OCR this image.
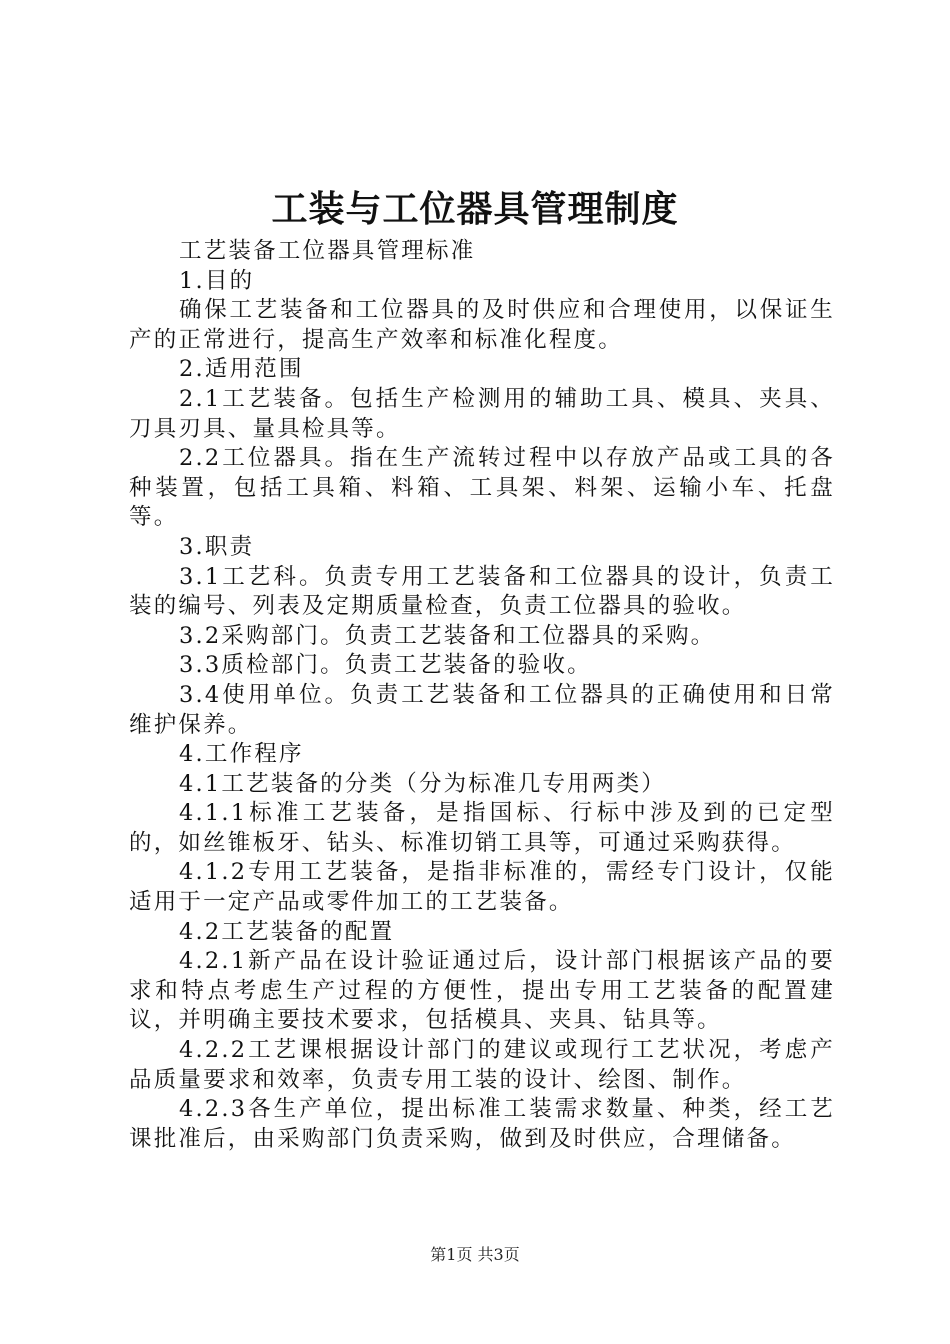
工装与工位器具管理制度

工艺装备工位器具管理标准

1.目的

确保工艺装备和工位器具的及时供应和合理使用，以保证生产的正常进行，提高生产效率和标准化程度。

2.适用范围

2.1工艺装备。包括生产检测用的辅助工具、模具、夹具、刀具刃具、量具检具等。

2.2工位器具。指在生产流转过程中以存放产品或工具的各种装置，包括工具箱、料箱、工具架、料架、运输小车、托盘等。

3.职责

3.1工艺科。负责专用工艺装备和工位器具的设计，负责工装的编号、列表及定期质量检查，负责工位器具的验收。

3.2采购部门。负责工艺装备和工位器具的采购。

3.3质检部门。负责工艺装备的验收。

3.4使用单位。负责工艺装备和工位器具的正确使用和日常维护保养。

4.工作程序

4.1工艺装备的分类（分为标准几专用两类）

4.1.1标准工艺装备，是指国标、行标中涉及到的已定型的，如丝锥板牙、钻头、标准切销工具等，可通过采购获得。

4.1.2专用工艺装备，是指非标准的，需经专门设计，仅能适用于一定产品或零件加工的工艺装备。

4.2工艺装备的配置

4.2.1新产品在设计验证通过后，设计部门根据该产品的要求和特点考虑生产过程的方便性，提出专用工艺装备的配置建议，并明确主要技术要求，包括模具、夹具、钻具等。

4.2.2工艺课根据设计部门的建议或现行工艺状况，考虑产品质量要求和效率，负责专用工装的设计、绘图、制作。

4.2.3各生产单位，提出标准工装需求数量、种类，经工艺课批准后，由采购部门负责采购，做到及时供应，合理储备。

第1页 共3页
